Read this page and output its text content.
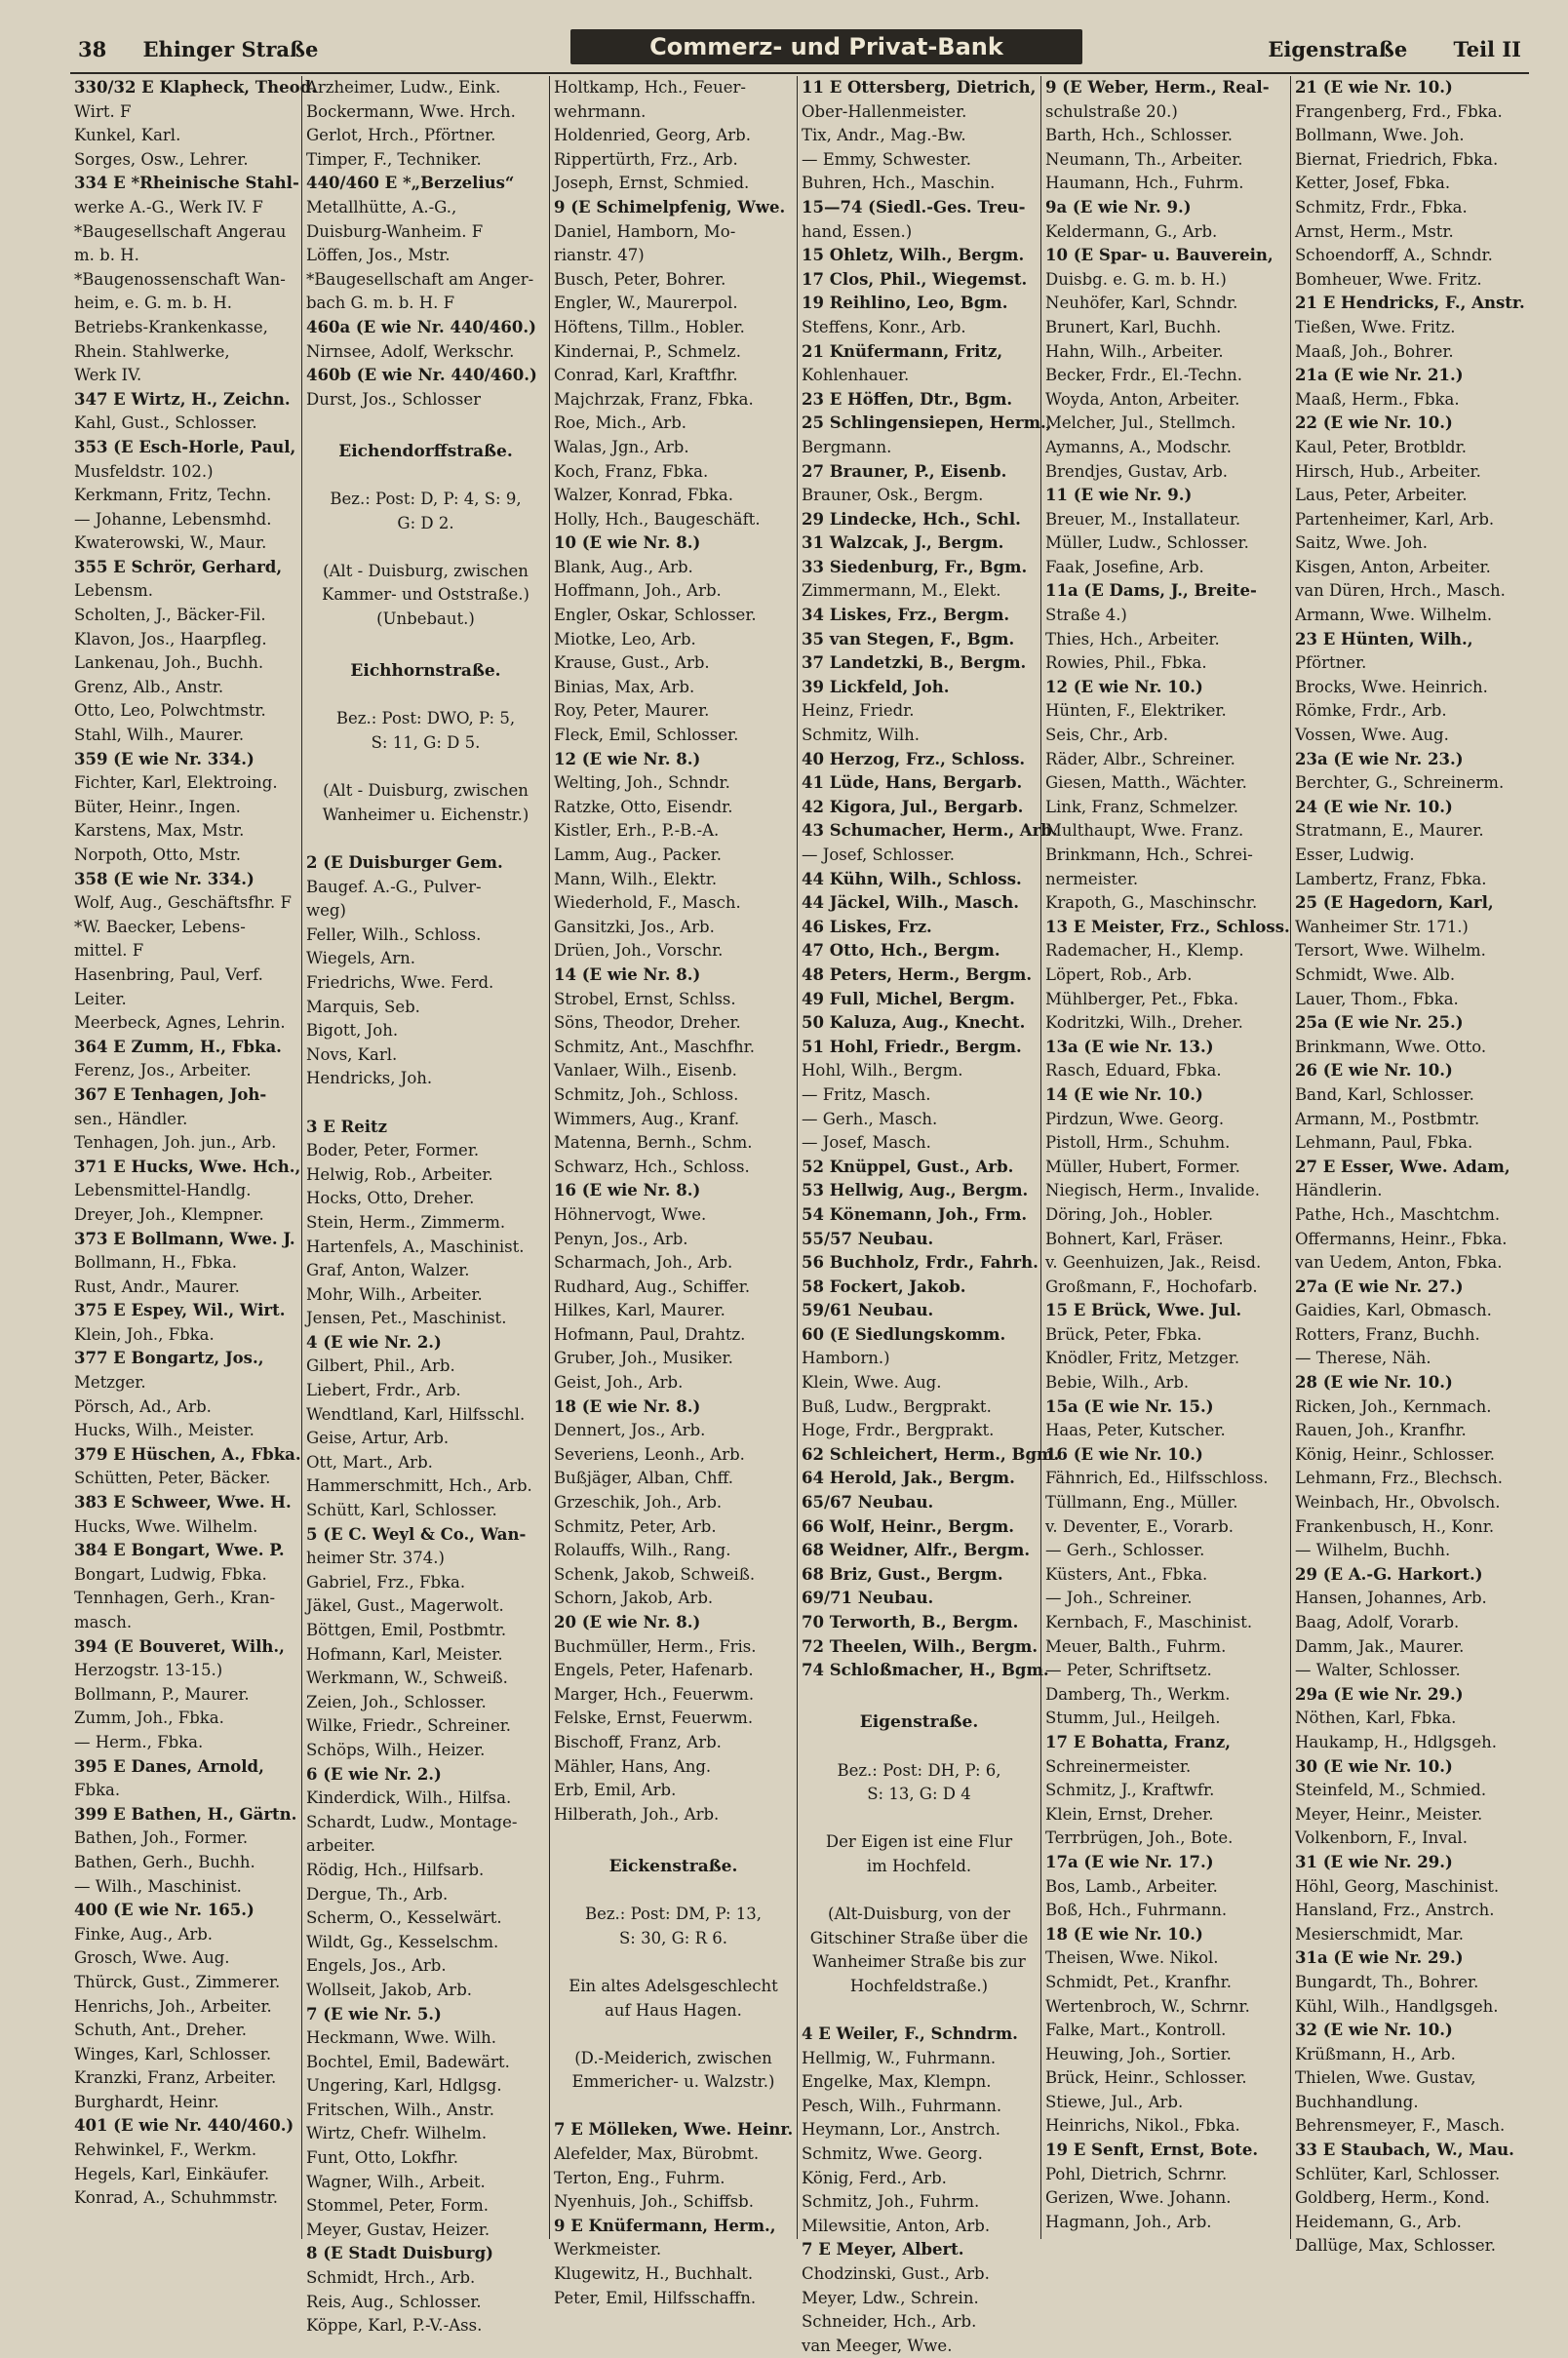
38 Ehinger Straße	Commerz- und Privat-Bank	Eigenstraße Teil II
330/32 E Klapheck, Theod.
Wirt. F
Kunkel, Karl.
Sorges, Osw., Lehrer.
334 E *Rheinische Stahl-
werke A.-G., Werk IV. F
*Baugesellschaft Angerau
m. b. H.
*Baugenossenschaft Wan-
heim, e. G. m. b. H.
Betriebs-Krankenkasse,
Rhein. Stahlwerke,
Werk IV.
347 E Wirtz, H., Zeichn.
Kahl, Gust., Schlosser.
353 (E Esch-Horle, Paul,
Musfeldstr. 102.)
Kerkmann, Fritz, Techn.
— Johanne, Lebensmhd.
Kwaterowski, W., Maur.
355 E Schrör, Gerhard,
Lebensm.
Scholten, J., Bäcker-Fil.
Klavon, Jos., Haarpfleg.
Lankenau, Joh., Buchh.
Grenz, Alb., Anstr.
Otto, Leo, Polwchtmstr.
Stahl, Wilh., Maurer.
359 (E wie Nr. 334.)
Fichter, Karl, Elektroing.
Büter, Heinr., Ingen.
Karstens, Max, Mstr.
Norpoth, Otto, Mstr.
358 (E wie Nr. 334.)
Wolf, Aug., Geschäftsfhr. F
*W. Baecker, Lebens-
mittel. F
Hasenbring, Paul, Verf.
Leiter.
Meerbeck, Agnes, Lehrin.
364 E Zumm, H., Fbka.
Ferenz, Jos., Arbeiter.
367 E Tenhagen, Joh-
sen., Händler.
Tenhagen, Joh. jun., Arb.
371 E Hucks, Wwe. Hch.,
Lebensmittel-Handlg.
Dreyer, Joh., Klempner.
373 E Bollmann, Wwe. J.
Bollmann, H., Fbka.
Rust, Andr., Maurer.
375 E Espey, Wil., Wirt.
Klein, Joh., Fbka.
377 E Bongartz, Jos.,
Metzger.
Pörsch, Ad., Arb.
Hucks, Wilh., Meister.
379 E Hüschen, A., Fbka.
Schütten, Peter, Bäcker.
383 E Schweer, Wwe. H.
Hucks, Wwe. Wilhelm.
384 E Bongart, Wwe. P.
Bongart, Ludwig, Fbka.
Tennhagen, Gerh., Kran-
masch.
394 (E Bouveret, Wilh.,
Herzogstr. 13-15.)
Bollmann, P., Maurer.
Zumm, Joh., Fbka.
— Herm., Fbka.
395 E Danes, Arnold,
Fbka.
399 E Bathen, H., Gärtn.
Bathen, Joh., Former.
Bathen, Gerh., Buchh.
— Wilh., Maschinist.
400 (E wie Nr. 165.)
Finke, Aug., Arb.
Grosch, Wwe. Aug.
Thürck, Gust., Zimmerer.
Henrichs, Joh., Arbeiter.
Schuth, Ant., Dreher.
Winges, Karl, Schlosser.
Kranzki, Franz, Arbeiter.
Burghardt, Heinr.
401 (E wie Nr. 440/460.)
Rehwinkel, F., Werkm.
Hegels, Karl, Einkäufer.
Konrad, A., Schuhmmstr.
Arzheimer, Ludw., Eink.
Bockermann, Wwe. Hrch.
Gerlot, Hrch., Pförtner.
Timper, F., Techniker.
440/460 E *„Berzelius“
Metallhütte, A.-G.,
Duisburg-Wanheim. F
Löffen, Jos., Mstr.
*Baugesellschaft am Anger-
bach G. m. b. H. F
460a (E wie Nr. 440/460.)
Nirnsee, Adolf, Werkschr.
460b (E wie Nr. 440/460.)
Durst, Jos., Schlosser

Eichendorffstraße.

Bez.: Post: D, P: 4, S: 9,
G: D 2.

(Alt - Duisburg, zwischen
Kammer- und Oststraße.)
(Unbebaut.)

Eichhornstraße.

Bez.: Post: DWO, P: 5,
S: 11, G: D 5.

(Alt - Duisburg, zwischen
Wanheimer u. Eichenstr.)

2 (E Duisburger Gem.
Baugef. A.-G., Pulver-
weg)
Feller, Wilh., Schloss.
Wiegels, Arn.
Friedrichs, Wwe. Ferd.
Marquis, Seb.
Bigott, Joh.
Novs, Karl.
Hendricks, Joh.

3 E Reitz
Boder, Peter, Former.
Helwig, Rob., Arbeiter.
Hocks, Otto, Dreher.
Stein, Herm., Zimmerm.
Hartenfels, A., Maschinist.
Graf, Anton, Walzer.
Mohr, Wilh., Arbeiter.
Jensen, Pet., Maschinist.
4 (E wie Nr. 2.)
Gilbert, Phil., Arb.
Liebert, Frdr., Arb.
Wendtland, Karl, Hilfsschl.
Geise, Artur, Arb.
Ott, Mart., Arb.
Hammerschmitt, Hch., Arb.
Schütt, Karl, Schlosser.
5 (E C. Weyl & Co., Wan-
heimer Str. 374.)
Gabriel, Frz., Fbka.
Jäkel, Gust., Magerwolt.
Böttgen, Emil, Postbmtr.
Hofmann, Karl, Meister.
Werkmann, W., Schweiß.
Zeien, Joh., Schlosser.
Wilke, Friedr., Schreiner.
Schöps, Wilh., Heizer.
6 (E wie Nr. 2.)
Kinderdick, Wilh., Hilfsa.
Schardt, Ludw., Montage-
arbeiter.
Rödig, Hch., Hilfsarb.
Dergue, Th., Arb.
Scherm, O., Kesselwärt.
Wildt, Gg., Kesselschm.
Engels, Jos., Arb.
Wollseit, Jakob, Arb.
7 (E wie Nr. 5.)
Heckmann, Wwe. Wilh.
Bochtel, Emil, Badewärt.
Ungering, Karl, Hdlgsg.
Fritschen, Wilh., Anstr.
Wirtz, Chefr. Wilhelm.
Funt, Otto, Lokfhr.
Wagner, Wilh., Arbeit.
Stommel, Peter, Form.
Meyer, Gustav, Heizer.
8 (E Stadt Duisburg)
Schmidt, Hrch., Arb.
Reis, Aug., Schlosser.
Köppe, Karl, P.-V.-Ass.
Holtkamp, Hch., Feuer-
wehrmann.
Holdenried, Georg, Arb.
Rippertürth, Frz., Arb.
Joseph, Ernst, Schmied.
9 (E Schimelpfenig, Wwe.
Daniel, Hamborn, Mo-
rianstr. 47)
Busch, Peter, Bohrer.
Engler, W., Maurerpol.
Höftens, Tillm., Hobler.
Kindernai, P., Schmelz.
Conrad, Karl, Kraftfhr.
Majchrzak, Franz, Fbka.
Roe, Mich., Arb.
Walas, Jgn., Arb.
Koch, Franz, Fbka.
Walzer, Konrad, Fbka.
Holly, Hch., Baugeschäft.
10 (E wie Nr. 8.)
Blank, Aug., Arb.
Hoffmann, Joh., Arb.
Engler, Oskar, Schlosser.
Miotke, Leo, Arb.
Krause, Gust., Arb.
Binias, Max, Arb.
Roy, Peter, Maurer.
Fleck, Emil, Schlosser.
12 (E wie Nr. 8.)
Welting, Joh., Schndr.
Ratzke, Otto, Eisendr.
Kistler, Erh., P.-B.-A.
Lamm, Aug., Packer.
Mann, Wilh., Elektr.
Wiederhold, F., Masch.
Gansitzki, Jos., Arb.
Drüen, Joh., Vorschr.
14 (E wie Nr. 8.)
Strobel, Ernst, Schlss.
Söns, Theodor, Dreher.
Schmitz, Ant., Maschfhr.
Vanlaer, Wilh., Eisenb.
Schmitz, Joh., Schloss.
Wimmers, Aug., Kranf.
Matenna, Bernh., Schm.
Schwarz, Hch., Schloss.
16 (E wie Nr. 8.)
Höhnervogt, Wwe.
Penyn, Jos., Arb.
Scharmach, Joh., Arb.
Rudhard, Aug., Schiffer.
Hilkes, Karl, Maurer.
Hofmann, Paul, Drahtz.
Gruber, Joh., Musiker.
Geist, Joh., Arb.
18 (E wie Nr. 8.)
Dennert, Jos., Arb.
Severiens, Leonh., Arb.
Bußjäger, Alban, Chff.
Grzeschik, Joh., Arb.
Schmitz, Peter, Arb.
Rolauffs, Wilh., Rang.
Schenk, Jakob, Schweiß.
Schorn, Jakob, Arb.
20 (E wie Nr. 8.)
Buchmüller, Herm., Fris.
Engels, Peter, Hafenarb.
Marger, Hch., Feuerwm.
Felske, Ernst, Feuerwm.
Bischoff, Franz, Arb.
Mähler, Hans, Ang.
Erb, Emil, Arb.
Hilberath, Joh., Arb.

Eickenstraße.

Bez.: Post: DM, P: 13,
S: 30, G: R 6.

Ein altes Adelsgeschlecht
auf Haus Hagen.

(D.-Meiderich, zwischen
Emmericher- u. Walzstr.)

7 E Mölleken, Wwe. Heinr.
Alefelder, Max, Bürobmt.
Terton, Eng., Fuhrm.
Nyenhuis, Joh., Schiffsb.
9 E Knüfermann, Herm.,
Werkmeister.
Klugewitz, H., Buchhalt.
Peter, Emil, Hilfsschaffn.
11 E Ottersberg, Dietrich,
Ober-Hallenmeister.
Tix, Andr., Mag.-Bw.
— Emmy, Schwester.
Buhren, Hch., Maschin.
15—74 (Siedl.-Ges. Treu-
hand, Essen.)
15 Ohletz, Wilh., Bergm.
17 Clos, Phil., Wiegemst.
19 Reihlino, Leo, Bgm.
Steffens, Konr., Arb.
21 Knüfermann, Fritz,
Kohlenhauer.
23 E Höffen, Dtr., Bgm.
25 Schlingensiepen, Herm.,
Bergmann.
27 Brauner, P., Eisenb.
Brauner, Osk., Bergm.
29 Lindecke, Hch., Schl.
31 Walzcak, J., Bergm.
33 Siedenburg, Fr., Bgm.
Zimmermann, M., Elekt.
34 Liskes, Frz., Bergm.
35 van Stegen, F., Bgm.
37 Landetzki, B., Bergm.
39 Lickfeld, Joh.
Heinz, Friedr.
Schmitz, Wilh.
40 Herzog, Frz., Schloss.
41 Lüde, Hans, Bergarb.
42 Kigora, Jul., Bergarb.
43 Schumacher, Herm., Arb.
— Josef, Schlosser.
44 Kühn, Wilh., Schloss.
44 Jäckel, Wilh., Masch.
46 Liskes, Frz.
47 Otto, Hch., Bergm.
48 Peters, Herm., Bergm.
49 Full, Michel, Bergm.
50 Kaluza, Aug., Knecht.
51 Hohl, Friedr., Bergm.
Hohl, Wilh., Bergm.
— Fritz, Masch.
— Gerh., Masch.
— Josef, Masch.
52 Knüppel, Gust., Arb.
53 Hellwig, Aug., Bergm.
54 Könemann, Joh., Frm.
55/57 Neubau.
56 Buchholz, Frdr., Fahrh.
58 Fockert, Jakob.
59/61 Neubau.
60 (E Siedlungskomm.
Hamborn.)
Klein, Wwe. Aug.
Buß, Ludw., Bergprakt.
Hoge, Frdr., Bergprakt.
62 Schleichert, Herm., Bgm.
64 Herold, Jak., Bergm.
65/67 Neubau.
66 Wolf, Heinr., Bergm.
68 Weidner, Alfr., Bergm.
68 Briz, Gust., Bergm.
69/71 Neubau.
70 Terworth, B., Bergm.
72 Theelen, Wilh., Bergm.
74 Schloßmacher, H., Bgm.

Eigenstraße.

Bez.: Post: DH, P: 6,
S: 13, G: D 4

Der Eigen ist eine Flur
im Hochfeld.

(Alt-Duisburg, von der
Gitschiner Straße über die
Wanheimer Straße bis zur
Hochfeldstraße.)

4 E Weiler, F., Schndrm.
Hellmig, W., Fuhrmann.
Engelke, Max, Klempn.
Pesch, Wilh., Fuhrmann.
Heymann, Lor., Anstrch.
Schmitz, Wwe. Georg.
König, Ferd., Arb.
Schmitz, Joh., Fuhrm.
Milewsitie, Anton, Arb.
7 E Meyer, Albert.
Chodzinski, Gust., Arb.
Meyer, Ldw., Schrein.
Schneider, Hch., Arb.
van Meeger, Wwe.
9 (E Weber, Herm., Real-
schulstraße 20.)
Barth, Hch., Schlosser.
Neumann, Th., Arbeiter.
Haumann, Hch., Fuhrm.
9a (E wie Nr. 9.)
Keldermann, G., Arb.
10 (E Spar- u. Bauverein,
Duisbg. e. G. m. b. H.)
Neuhöfer, Karl, Schndr.
Brunert, Karl, Buchh.
Hahn, Wilh., Arbeiter.
Becker, Frdr., El.-Techn.
Woyda, Anton, Arbeiter.
Melcher, Jul., Stellmch.
Aymanns, A., Modschr.
Brendjes, Gustav, Arb.
11 (E wie Nr. 9.)
Breuer, M., Installateur.
Müller, Ludw., Schlosser.
Faak, Josefine, Arb.
11a (E Dams, J., Breite-
Straße 4.)
Thies, Hch., Arbeiter.
Rowies, Phil., Fbka.
12 (E wie Nr. 10.)
Hünten, F., Elektriker.
Seis, Chr., Arb.
Räder, Albr., Schreiner.
Giesen, Matth., Wächter.
Link, Franz, Schmelzer.
Multhaupt, Wwe. Franz.
Brinkmann, Hch., Schrei-
nermeister.
Krapoth, G., Maschinschr.
13 E Meister, Frz., Schloss.
Rademacher, H., Klemp.
Löpert, Rob., Arb.
Mühlberger, Pet., Fbka.
Kodritzki, Wilh., Dreher.
13a (E wie Nr. 13.)
Rasch, Eduard, Fbka.
14 (E wie Nr. 10.)
Pirdzun, Wwe. Georg.
Pistoll, Hrm., Schuhm.
Müller, Hubert, Former.
Niegisch, Herm., Invalide.
Döring, Joh., Hobler.
Bohnert, Karl, Fräser.
v. Geenhuizen, Jak., Reisd.
Großmann, F., Hochofarb.
15 E Brück, Wwe. Jul.
Brück, Peter, Fbka.
Knödler, Fritz, Metzger.
Bebie, Wilh., Arb.
15a (E wie Nr. 15.)
Haas, Peter, Kutscher.
16 (E wie Nr. 10.)
Fähnrich, Ed., Hilfsschloss.
Tüllmann, Eng., Müller.
v. Deventer, E., Vorarb.
— Gerh., Schlosser.
Küsters, Ant., Fbka.
— Joh., Schreiner.
Kernbach, F., Maschinist.
Meuer, Balth., Fuhrm.
— Peter, Schriftsetz.
Damberg, Th., Werkm.
Stumm, Jul., Heilgeh.
17 E Bohatta, Franz,
Schreinermeister.
Schmitz, J., Kraftwfr.
Klein, Ernst, Dreher.
Terrbrügen, Joh., Bote.
17a (E wie Nr. 17.)
Bos, Lamb., Arbeiter.
Boß, Hch., Fuhrmann.
18 (E wie Nr. 10.)
Theisen, Wwe. Nikol.
Schmidt, Pet., Kranfhr.
Wertenbroch, W., Schrnr.
Falke, Mart., Kontroll.
Heuwing, Joh., Sortier.
Brück, Heinr., Schlosser.
Stiewe, Jul., Arb.
Heinrichs, Nikol., Fbka.
19 E Senft, Ernst, Bote.
Pohl, Dietrich, Schrnr.
Gerizen, Wwe. Johann.
Hagmann, Joh., Arb.
21 (E wie Nr. 10.)
Frangenberg, Frd., Fbka.
Bollmann, Wwe. Joh.
Biernat, Friedrich, Fbka.
Ketter, Josef, Fbka.
Schmitz, Frdr., Fbka.
Arnst, Herm., Mstr.
Schoendorff, A., Schndr.
Bomheuer, Wwe. Fritz.
21 E Hendricks, F., Anstr.
Tießen, Wwe. Fritz.
Maaß, Joh., Bohrer.
21a (E wie Nr. 21.)
Maaß, Herm., Fbka.
22 (E wie Nr. 10.)
Kaul, Peter, Brotbldr.
Hirsch, Hub., Arbeiter.
Laus, Peter, Arbeiter.
Partenheimer, Karl, Arb.
Saitz, Wwe. Joh.
Kisgen, Anton, Arbeiter.
van Düren, Hrch., Masch.
Armann, Wwe. Wilhelm.
23 E Hünten, Wilh.,
Pförtner.
Brocks, Wwe. Heinrich.
Römke, Frdr., Arb.
Vossen, Wwe. Aug.
23a (E wie Nr. 23.)
Berchter, G., Schreinerm.
24 (E wie Nr. 10.)
Stratmann, E., Maurer.
Esser, Ludwig.
Lambertz, Franz, Fbka.
25 (E Hagedorn, Karl,
Wanheimer Str. 171.)
Tersort, Wwe. Wilhelm.
Schmidt, Wwe. Alb.
Lauer, Thom., Fbka.
25a (E wie Nr. 25.)
Brinkmann, Wwe. Otto.
26 (E wie Nr. 10.)
Band, Karl, Schlosser.
Armann, M., Postbmtr.
Lehmann, Paul, Fbka.
27 E Esser, Wwe. Adam,
Händlerin.
Pathe, Hch., Maschtchm.
Offermanns, Heinr., Fbka.
van Uedem, Anton, Fbka.
27a (E wie Nr. 27.)
Gaidies, Karl, Obmasch.
Rotters, Franz, Buchh.
— Therese, Näh.
28 (E wie Nr. 10.)
Ricken, Joh., Kernmach.
Rauen, Joh., Kranfhr.
König, Heinr., Schlosser.
Lehmann, Frz., Blechsch.
Weinbach, Hr., Obvolsch.
Frankenbusch, H., Konr.
— Wilhelm, Buchh.
29 (E A.-G. Harkort.)
Hansen, Johannes, Arb.
Baag, Adolf, Vorarb.
Damm, Jak., Maurer.
— Walter, Schlosser.
29a (E wie Nr. 29.)
Nöthen, Karl, Fbka.
Haukamp, H., Hdlgsgeh.
30 (E wie Nr. 10.)
Steinfeld, M., Schmied.
Meyer, Heinr., Meister.
Volkenborn, F., Inval.
31 (E wie Nr. 29.)
Höhl, Georg, Maschinist.
Hansland, Frz., Anstrch.
Mesierschmidt, Mar.
31a (E wie Nr. 29.)
Bungardt, Th., Bohrer.
Kühl, Wilh., Handlgsgeh.
32 (E wie Nr. 10.)
Krüßmann, H., Arb.
Thielen, Wwe. Gustav,
Buchhandlung.
Behrensmeyer, F., Masch.
33 E Staubach, W., Mau.
Schlüter, Karl, Schlosser.
Goldberg, Herm., Kond.
Heidemann, G., Arb.
Dallüge, Max, Schlosser.
